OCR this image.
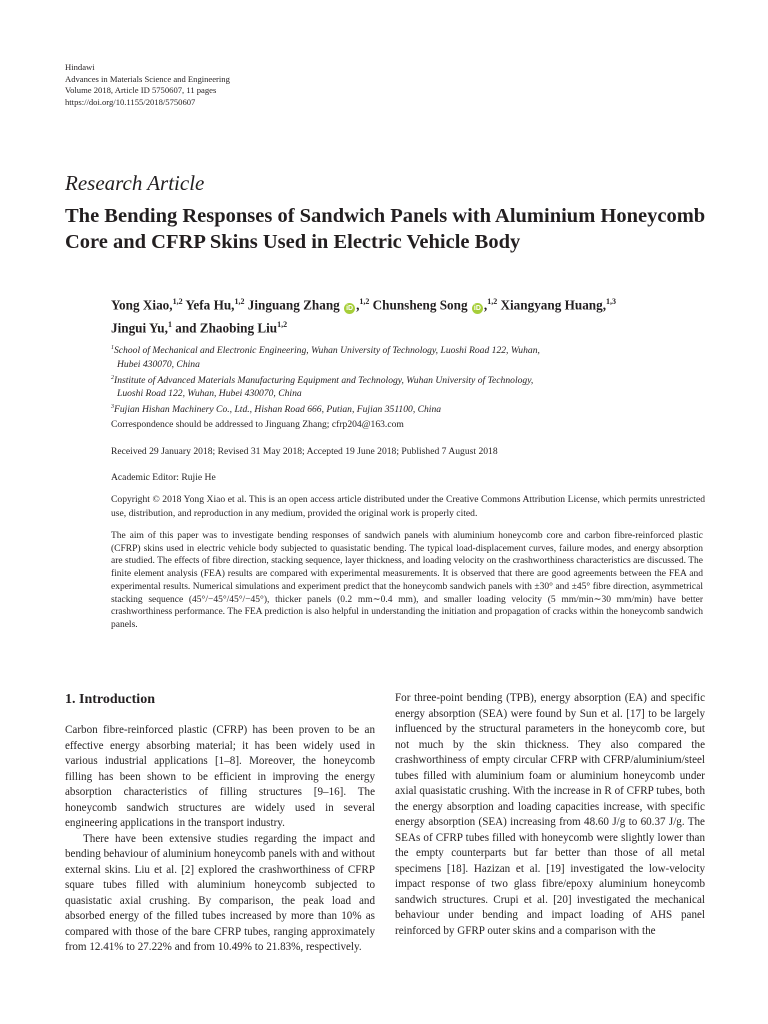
Hindawi
Advances in Materials Science and Engineering
Volume 2018, Article ID 5750607, 11 pages
https://doi.org/10.1155/2018/5750607
Research Article
The Bending Responses of Sandwich Panels with Aluminium Honeycomb Core and CFRP Skins Used in Electric Vehicle Body
Yong Xiao,$^{1,2}$ Yefa Hu,$^{1,2}$ Jinguang Zhang iD ,$^{1,2}$ Chunsheng Song iD ,$^{1,2}$ Xiangyang Huang,$^{1,3}$
Jingui Yu,$^1$ and Zhaobing Liu$^{1,2}$
$^1$School of Mechanical and Electronic Engineering, Wuhan University of Technology, Luoshi Road 122, Wuhan,
Hubei 430070, China
$^2$Institute of Advanced Materials Manufacturing Equipment and Technology, Wuhan University of Technology,
Luoshi Road 122, Wuhan, Hubei 430070, China
$^3$Fujian Hishan Machinery Co., Ltd., Hishan Road 666, Putian, Fujian 351100, China
Correspondence should be addressed to Jinguang Zhang; cfrp204@163.com
Received 29 January 2018; Revised 31 May 2018; Accepted 19 June 2018; Published 7 August 2018
Academic Editor: Rujie He
Copyright © 2018 Yong Xiao et al. This is an open access article distributed under the Creative Commons Attribution License, which permits unrestricted use, distribution, and reproduction in any medium, provided the original work is properly cited.
The aim of this paper was to investigate bending responses of sandwich panels with aluminium honeycomb core and carbon fibre-reinforced plastic (CFRP) skins used in electric vehicle body subjected to quasistatic bending. The typical load-displacement curves, failure modes, and energy absorption are studied. The effects of fibre direction, stacking sequence, layer thickness, and loading velocity on the crashworthiness characteristics are discussed. The finite element analysis (FEA) results are compared with experimental measurements. It is observed that there are good agreements between the FEA and experimental results. Numerical simulations and experiment predict that the honeycomb sandwich panels with ±30° and ±45° fibre direction, asymmetrical stacking sequence (45°/−45°/45°/−45°), thicker panels (0.2 mm∼0.4 mm), and smaller loading velocity (5 mm/min∼30 mm/min) have better crashworthiness performance. The FEA prediction is also helpful in understanding the initiation and propagation of cracks within the honeycomb sandwich panels.
1. Introduction

Carbon fibre-reinforced plastic (CFRP) has been proven to be an effective energy absorbing material; it has been widely used in various industrial applications [1–8]. Moreover, the honeycomb filling has been shown to be efficient in improving the energy absorption characteristics of filling structures [9–16]. The honeycomb sandwich structures are widely used in several engineering applications in the transport industry.

There have been extensive studies regarding the impact and bending behaviour of aluminium honeycomb panels with and without external skins. Liu et al. [2] explored the crashworthiness of CFRP square tubes filled with aluminium honeycomb subjected to quasistatic axial crushing. By comparison, the peak load and absorbed energy of the filled tubes increased by more than 10% as compared with those of the bare CFRP tubes, ranging approximately from 12.41% to 27.22% and from 10.49% to 21.83%, respectively.

For three-point bending (TPB), energy absorption (EA) and specific energy absorption (SEA) were found by Sun et al. [17] to be largely influenced by the structural parameters in the honeycomb core, but not much by the skin thickness. They also compared the crashworthiness of empty circular CFRP with CFRP/aluminium/steel tubes filled with aluminium foam or aluminium honeycomb under axial quasistatic crushing. With the increase in R of CFRP tubes, both the energy absorption and loading capacities increase, with specific energy absorption (SEA) increasing from 48.60 J/g to 60.37 J/g. The SEAs of CFRP tubes filled with honeycomb were slightly lower than the empty counterparts but far better than those of all metal specimens [18]. Hazizan et al. [19] investigated the low-velocity impact response of two glass fibre/epoxy aluminium honeycomb sandwich structures. Crupi et al. [20] investigated the mechanical behaviour under bending and impact loading of AHS panel reinforced by GFRP outer skins and a comparison with the
